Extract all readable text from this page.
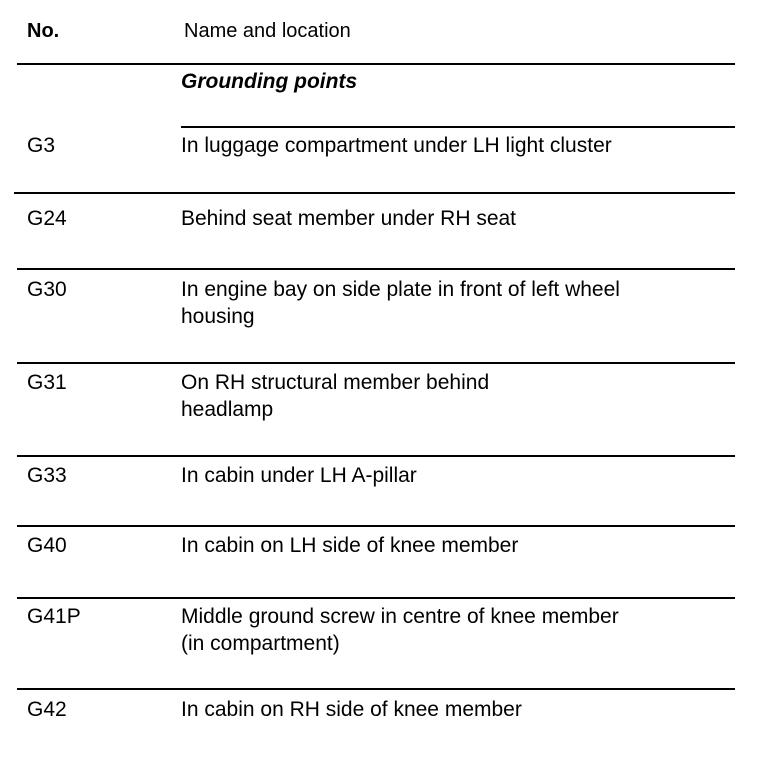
No.	Name and location
Grounding points
G3	In luggage compartment under LH light cluster
G24	Behind seat member under RH seat
G30	In engine bay on side plate in front of left wheel housing
G31	On RH structural member behind headlamp
G33	In cabin under LH A-pillar
G40	In cabin on LH side of knee member
G41P	Middle ground screw in centre of knee member (in compartment)
G42	In cabin on RH side of knee member
